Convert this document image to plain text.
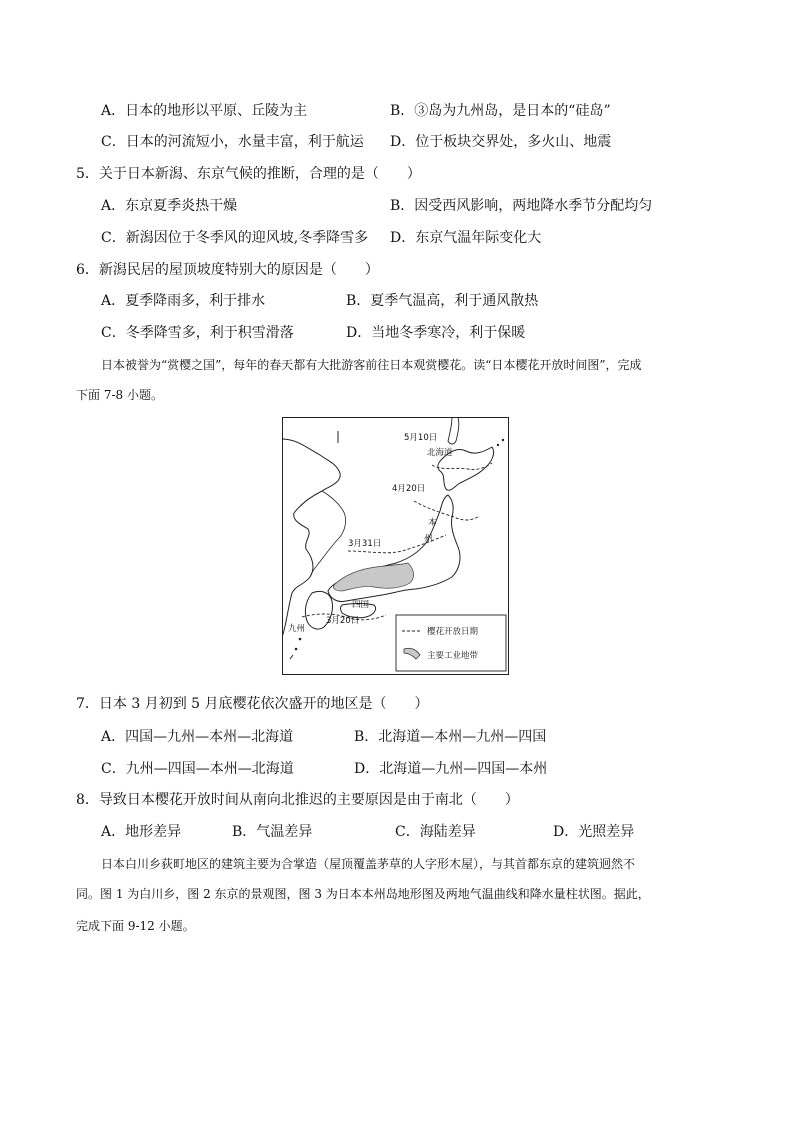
A．日本的地形以平原、丘陵为主	B．③岛为九州岛，是日本的“硅岛”
C．日本的河流短小，水量丰富，利于航运 D．位于板块交界处，多火山、地震
5．关于日本新潟、东京气候的推断，合理的是（　　）
A．东京夏季炎热干燥	B．因受西风影响，两地降水季节分配均匀
C．新潟因位于冬季风的迎风坡,冬季降雪多 D．东京气温年际变化大
6．新潟民居的屋顶坡度特别大的原因是（　　）
A．夏季降雨多，利于排水	B．夏季气温高，利于通风散热
C．冬季降雪多，利于积雪滑落	D．当地冬季寒冷，利于保暖
日本被誉为“赏樱之国”，每年的春天都有大批游客前往日本观赏樱花。读“日本樱花开放时间图”，完成
下面 7-8 小题。
5月10日
北海道
4月20日
本
州
3月31日
四国
3月20日
九州	樱花开放日期
主要工业地带
7．日本 3 月初到 5 月底樱花依次盛开的地区是（　　）
A．四国—九州—本州—北海道	B．北海道—本州—九州—四国
C．九州—四国—本州—北海道	D．北海道—九州—四国—本州
8．导致日本樱花开放时间从南向北推迟的主要原因是由于南北（　　）
A．地形差异	B．气温差异	C．海陆差异	D．光照差异
日本白川乡荻町地区的建筑主要为合掌造（屋顶覆盖茅草的人字形木屋），与其首都东京的建筑迥然不
同。图 1 为白川乡，图 2 东京的景观图，图 3 为日本本州岛地形图及两地气温曲线和降水量柱状图。据此，
完成下面 9-12 小题。
